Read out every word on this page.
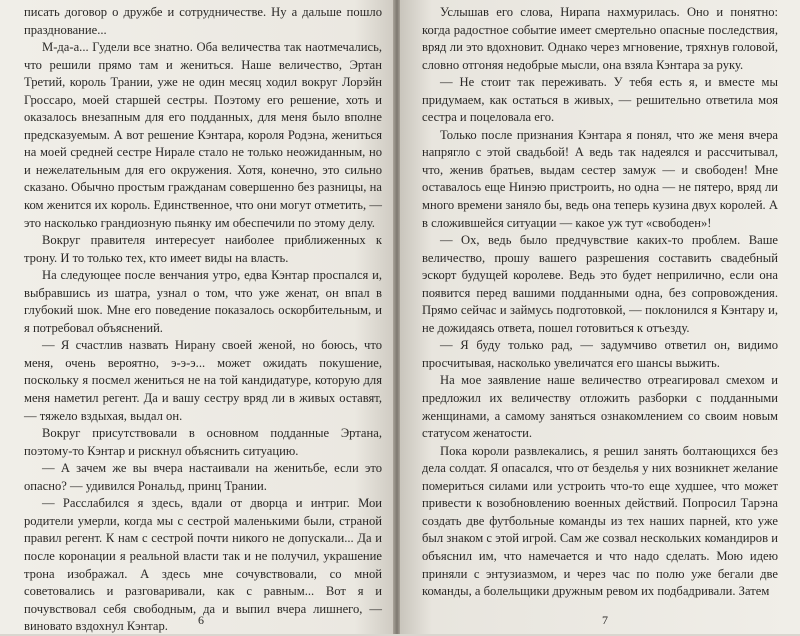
писать договор о дружбе и сотрудничестве. Ну а дальше пошло празднование...

М-да-а... Гудели все знатно. Оба величества так наотмечались, что решили прямо там и жениться. Наше величество, Эртан Третий, король Трании, уже не один месяц ходил вокруг Лорэйн Гроссаро, моей старшей сестры. Поэтому его решение, хоть и оказалось внезапным для его подданных, для меня было вполне предсказуемым. А вот решение Кэнтара, короля Родэна, жениться на моей средней сестре Нирале стало не только неожиданным, но и нежелательным для его окружения. Хотя, конечно, это сильно сказано. Обычно простым гражданам совершенно без разницы, на ком женится их король. Единственное, что они могут отметить, — это насколько грандиозную пьянку им обеспечили по этому делу.

Вокруг правителя интересует наиболее приближенных к трону. И то только тех, кто имеет виды на власть.

На следующее после венчания утро, едва Кэнтар проспался и, выбравшись из шатра, узнал о том, что уже женат, он впал в глубокий шок. Мне его поведение показалось оскорбительным, и я потребовал объяснений.

— Я счастлив назвать Нирану своей женой, но боюсь, что меня, очень вероятно, э-э-э... может ожидать покушение, поскольку я посмел жениться не на той кандидатуре, которую для меня наметил регент. Да и вашу сестру вряд ли в живых оставят, — тяжело вздыхая, выдал он.

Вокруг присутствовали в основном подданные Эртана, поэтому-то Кэнтар и рискнул объяснить ситуацию.

— А зачем же вы вчера настаивали на женитьбе, если это опасно? — удивился Рональд, принц Трании.

— Расслабился я здесь, вдали от дворца и интриг. Мои родители умерли, когда мы с сестрой маленькими были, страной правил регент. К нам с сестрой почти никого не допускали... Да и после коронации я реальной власти так и не получил, украшение трона изображал. А здесь мне сочувствовали, со мной советовались и разговаривали, как с равным... Вот я и почувствовал себя свободным, да и выпил вчера лишнего, — виновато вздохнул Кэнтар.	6

Услышав его слова, Нирапа нахмурилась. Оно и понятно: когда радостное событие имеет смертельно опасные последствия, вряд ли это вдохновит. Однако через мгновение, тряхнув головой, словно отгоняя недобрые мысли, она взяла Кэнтара за руку.

— Не стоит так переживать. У тебя есть я, и вместе мы придумаем, как остаться в живых, — решительно ответила моя сестра и поцеловала его.

Только после признания Кэнтара я понял, что же меня вчера напрягло с этой свадьбой! А ведь так надеялся и рассчитывал, что, женив братьев, выдам сестер замуж — и свободен! Мне оставалось еще Нинэю пристроить, но одна — не пятеро, вряд ли много времени заняло бы, ведь она теперь кузина двух королей. А в сложившейся ситуации — какое уж тут «свободен»!

— Ох, ведь было предчувствие каких-то проблем. Ваше величество, прошу вашего разрешения составить свадебный эскорт будущей королеве. Ведь это будет неприлично, если она появится перед вашими подданными одна, без сопровождения. Прямо сейчас и займусь подготовкой, — поклонился я Кэнтару и, не дожидаясь ответа, пошел готовиться к отъезду.

— Я буду только рад, — задумчиво ответил он, видимо просчитывая, насколько увеличатся его шансы выжить.

На мое заявление наше величество отреагировал смехом и предложил их величеству отложить разборки с подданными женщинами, а самому заняться ознакомлением со своим новым статусом женатости.

Пока короли развлекались, я решил занять болтающихся без дела солдат. Я опасался, что от безделья у них возникнет желание помериться силами или устроить что-то еще худшее, что может привести к возобновлению военных действий. Попросил Тарэна создать две футбольные команды из тех наших парней, кто уже был знаком с этой игрой. Сам же созвал нескольких командиров и объяснил им, что намечается и что надо сделать. Мою идею приняли с энтузиазмом, и через час по полю уже бегали две команды, а болельщики дружным ревом их подбадривали. Затем

7
